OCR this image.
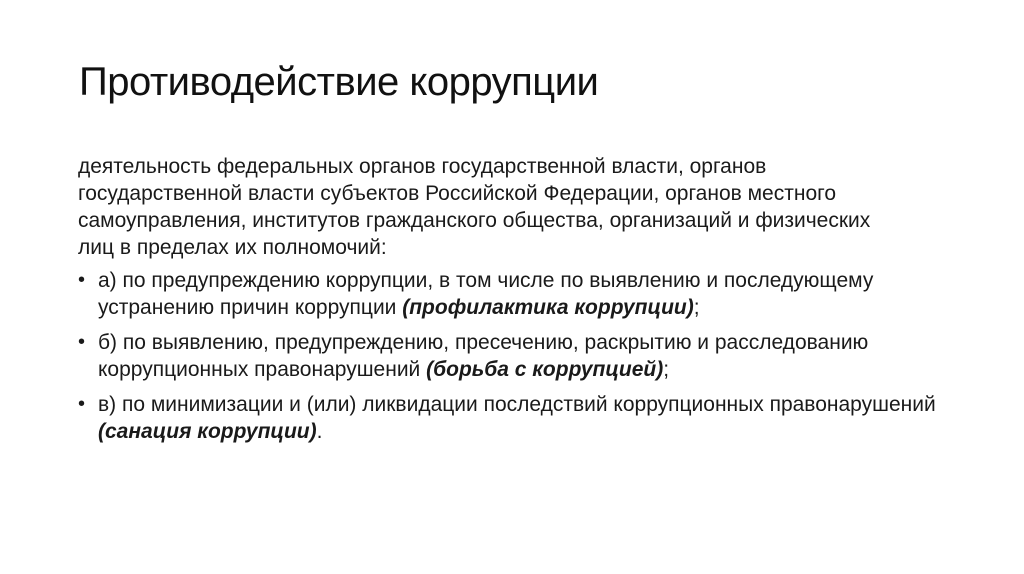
Противодействие коррупции

деятельность федеральных органов государственной власти, органов государственной власти субъектов Российской Федерации, органов местного самоуправления, институтов гражданского общества, организаций и физических лиц в пределах их полномочий:

• а) по предупреждению коррупции, в том числе по выявлению и последующему устранению причин коррупции (профилактика коррупции);
• б) по выявлению, предупреждению, пресечению, раскрытию и расследованию коррупционных правонарушений (борьба с коррупцией);
• в) по минимизации и (или) ликвидации последствий коррупционных правонарушений (санация коррупции).
